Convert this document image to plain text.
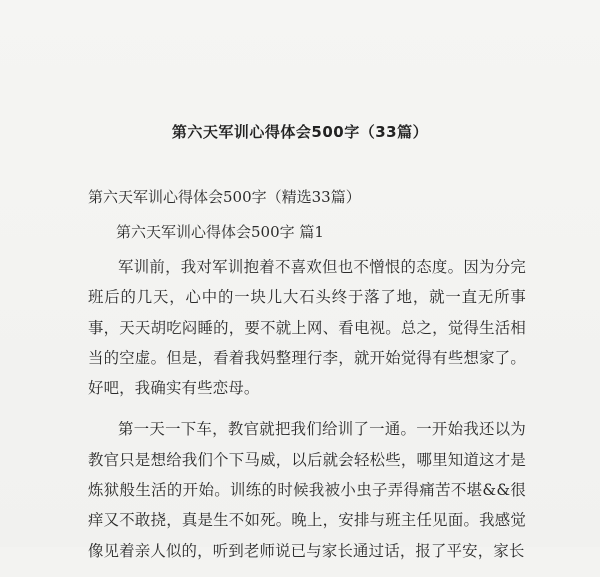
第六天军训心得体会500字（33篇）
第六天军训心得体会500字（精选33篇）
第六天军训心得体会500字 篇1

军训前，我对军训抱着不喜欢但也不憎恨的态度。因为分完班后的几天，心中的一块儿大石头终于落了地，就一直无所事事，天天胡吃闷睡的，要不就上网、看电视。总之，觉得生活相当的空虚。但是，看着我妈整理行李，就开始觉得有些想家了。好吧，我确实有些恋母。

第一天一下车，教官就把我们给训了一通。一开始我还以为教官只是想给我们个下马威，以后就会轻松些，哪里知道这才是炼狱般生活的开始。训练的时候我被小虫子弄得痛苦不堪&&很痒又不敢挠，真是生不如死。晚上，安排与班主任见面。我感觉像见着亲人似的，听到老师说已与家长通过话，报了平安，家长
